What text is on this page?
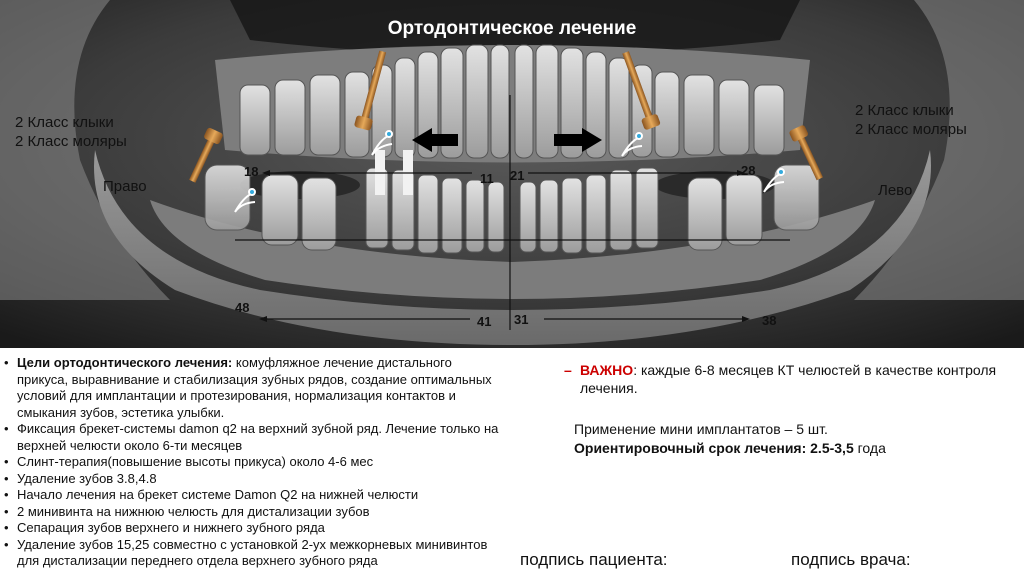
Ортодонтическое лечение
2 Класс клыки
2 Класс моляры
Право
2 Класс клыки
2 Класс моляры
Лево
18	11 21	28
48
41 31	38
• Цели ортодонтического лечения: комуфляжное лечение дистального прикуса, выравнивание и стабилизация зубных рядов, создание оптимальных условий для имплантации и протезирования, нормализация контактов и смыкания зубов, эстетика улыбки.
• Фиксация брекет-системы damon q2 на верхний зубной ряд. Лечение только на верхней челюсти около 6-ти месяцев
• Слинт-терапия(повышение высоты прикуса) около 4-6 мес
• Удаление зубов 3.8,4.8
• Начало лечения на брекет системе Damon Q2 на нижней челюсти
• 2 минивинта на нижнюю челюсть для дистализации зубов
• Сепарация зубов верхнего и нижнего зубного ряда
• Удаление зубов 15,25 совместно с установкой 2-ух межкорневых минивинтов для дистализации переднего отдела верхнего зубного ряда
– ВАЖНО: каждые 6-8 месяцев КТ челюстей в качестве контроля лечения.
Применение мини имплантатов – 5 шт.
Ориентировочный срок лечения: 2.5-3,5 года
подпись пациента:	подпись врача:
